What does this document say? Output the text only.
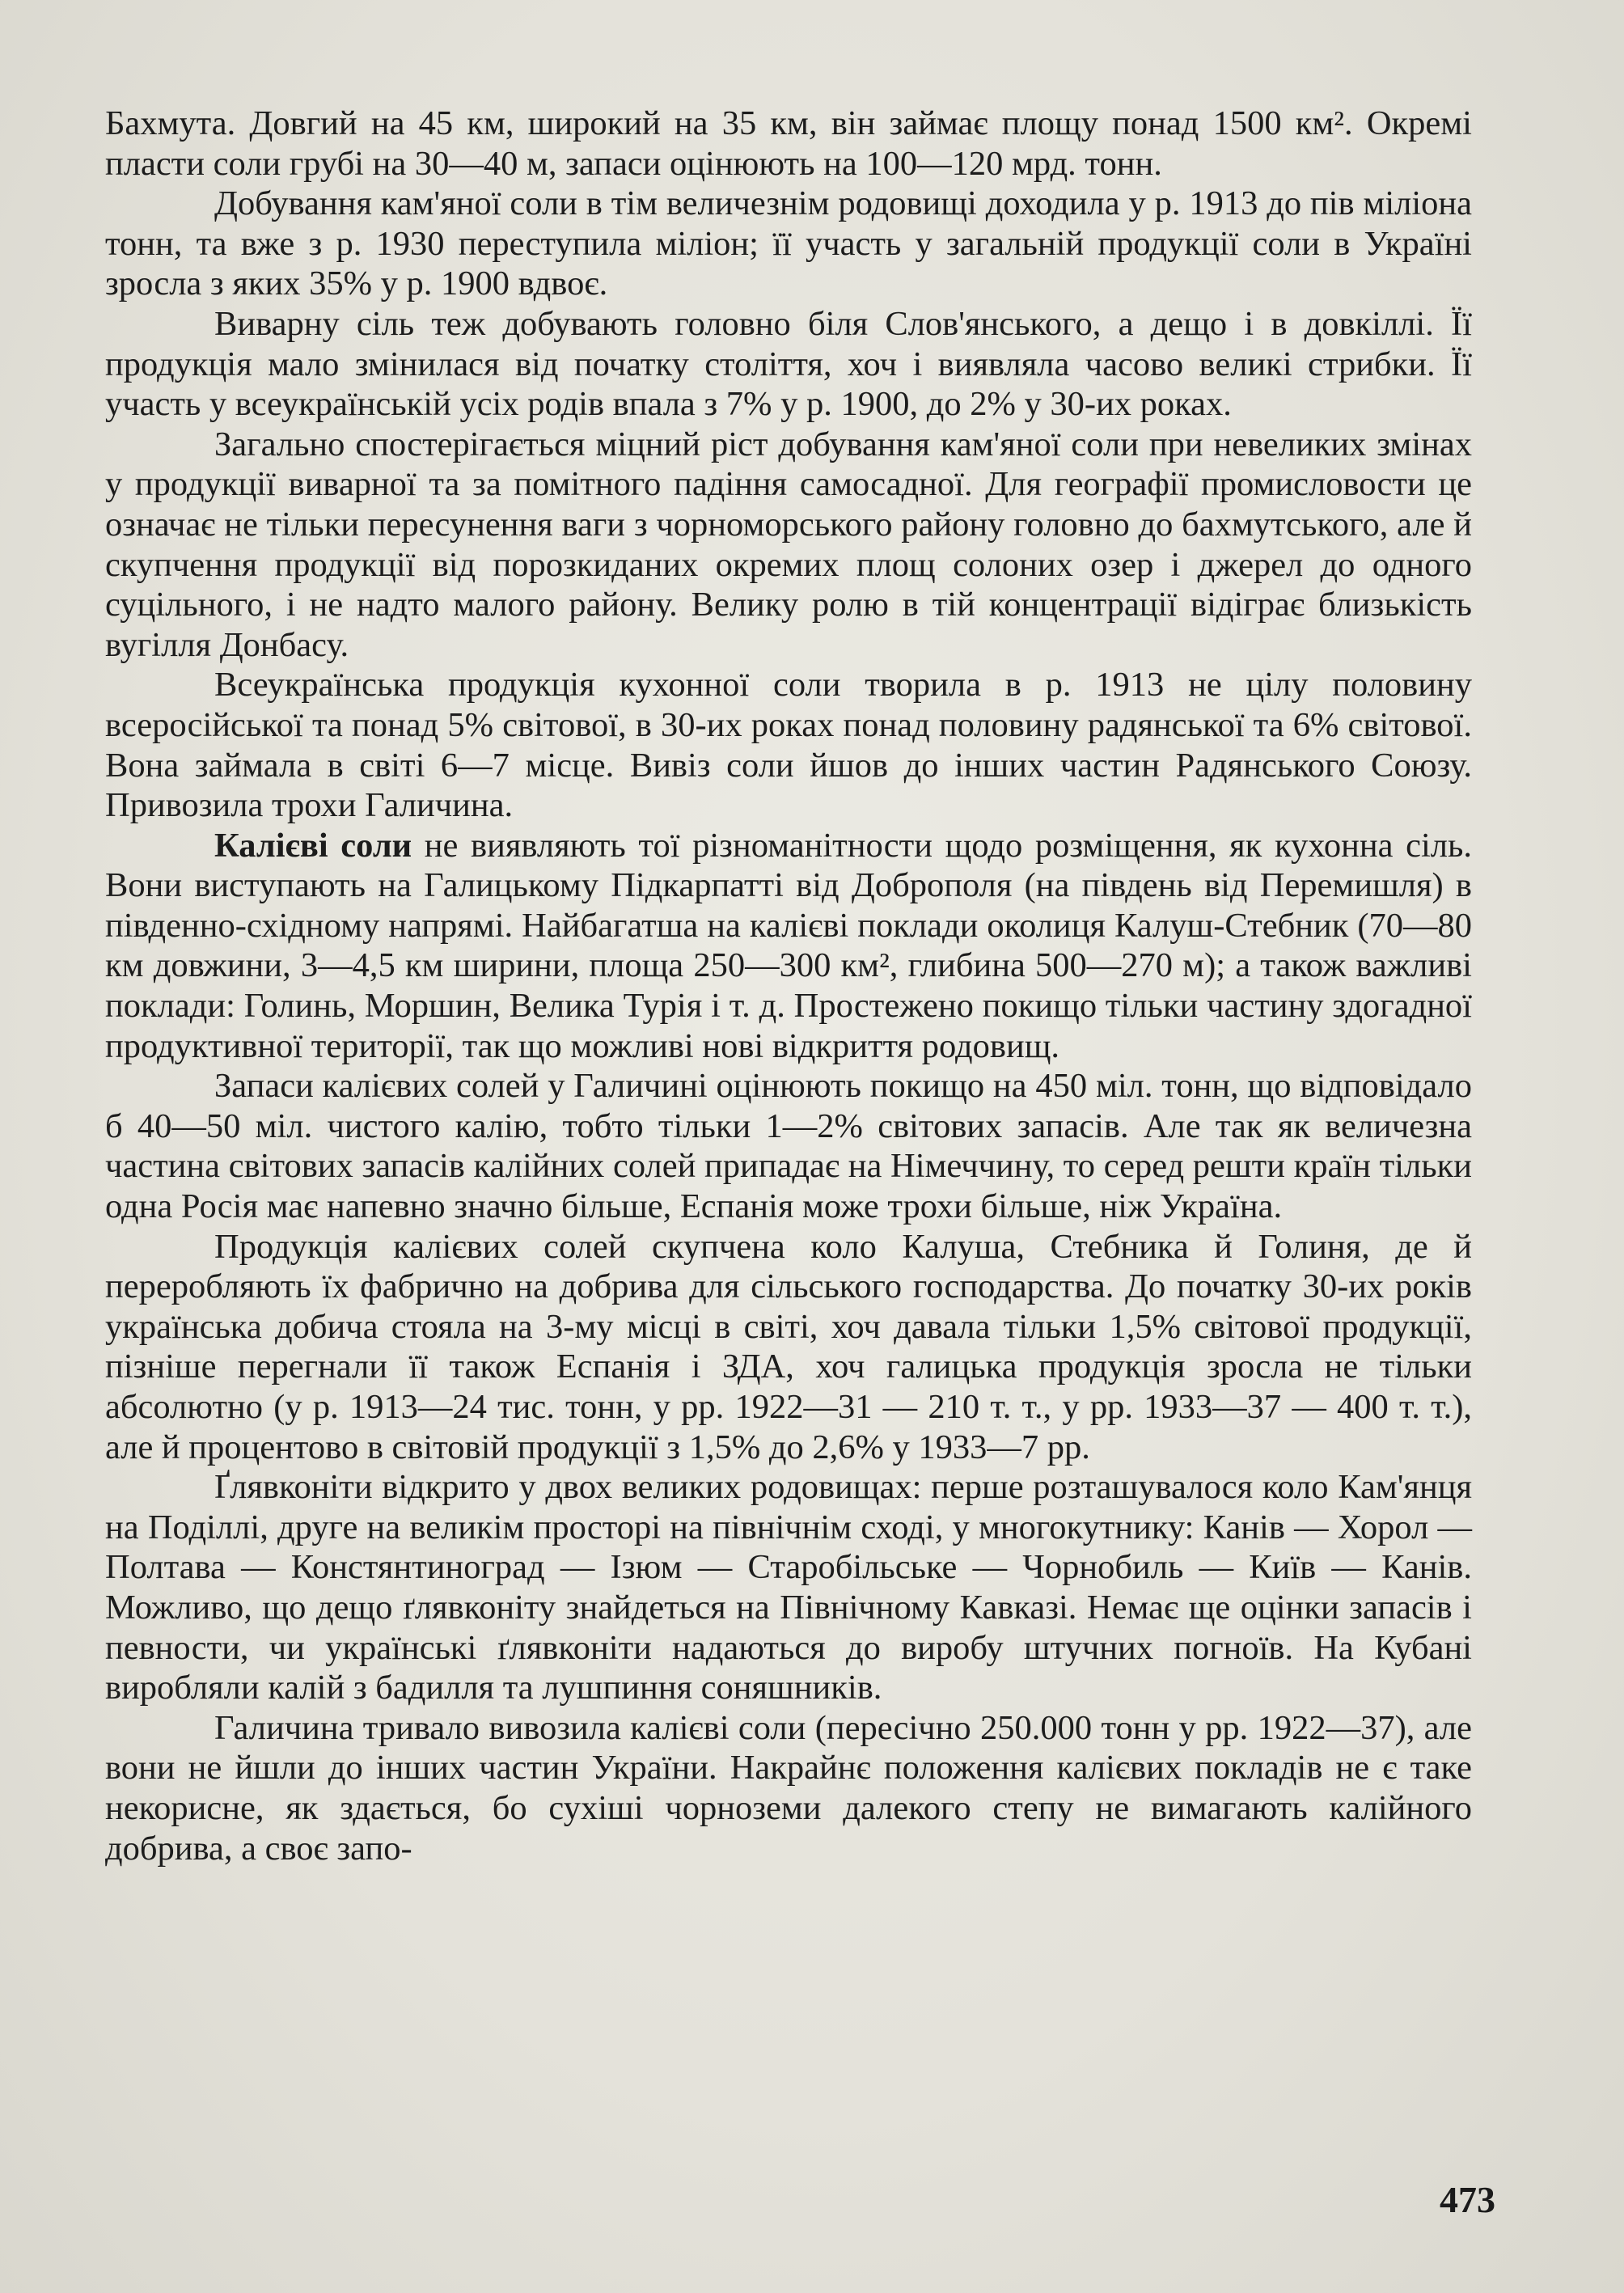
Бахмута. Довгий на 45 км, широкий на 35 км, він займає площу понад 1500 км². Окремі пласти соли грубі на 30—40 м, запаси оцінюють на 100—120 мрд. тонн.

Добування кам'яної соли в тім величезнім родовищі доходила у р. 1913 до пів міліона тонн, та вже з р. 1930 переступила міліон; її участь у загальній продукції соли в Україні зросла з яких 35% у р. 1900 вдвоє.

Виварну сіль теж добувають головно біля Слов'янського, а дещо і в довкіллі. Її продукція мало змінилася від початку століття, хоч і виявляла часово великі стрибки. Її участь у всеукраїнській усіх родів впала з 7% у р. 1900, до 2% у 30-их роках.

Загально спостерігається міцний ріст добування кам'яної соли при невеликих змінах у продукції виварної та за помітного падіння самосадної. Для географії промисловости це означає не тільки пересунення ваги з чорноморського району головно до бахмутського, але й скупчення продукції від порозкиданих окремих площ солоних озер і джерел до одного суцільного, і не надто малого району. Велику ролю в тій концентрації відіграє близькість вугілля Донбасу.

Всеукраїнська продукція кухонної соли творила в р. 1913 не цілу половину всеросійської та понад 5% світової, в 30-их роках понад половину радянської та 6% світової. Вона займала в світі 6—7 місце. Вивіз соли йшов до інших частин Радянського Союзу. Привозила трохи Галичина.

Калієві соли не виявляють тої різноманітности щодо розміщення, як кухонна сіль. Вони виступають на Галицькому Підкарпатті від Доброполя (на південь від Перемишля) в південно-східному напрямі. Найбагатша на калієві поклади околиця Калуш-Стебник (70—80 км довжини, 3—4,5 км ширини, площа 250—300 км², глибина 500—270 м); а також важливі поклади: Голинь, Моршин, Велика Турія і т. д. Простежено покищо тільки частину здогадної продуктивної території, так що можливі нові відкриття родовищ.

Запаси калієвих солей у Галичині оцінюють покищо на 450 міл. тонн, що відповідало б 40—50 міл. чистого калію, тобто тільки 1—2% світових запасів. Але так як величезна частина світових запасів калійних солей припадає на Німеччину, то серед решти країн тільки одна Росія має напевно значно більше, Еспанія може трохи більше, ніж Україна.

Продукція калієвих солей скупчена коло Калуша, Стебника й Голиня, де й переробляють їх фабрично на добрива для сільського господарства. До початку 30-их років українська добича стояла на 3-му місці в світі, хоч давала тільки 1,5% світової продукції, пізніше перегнали її також Еспанія і ЗДА, хоч галицька продукція зросла не тільки абсолютно (у р. 1913—24 тис. тонн, у рр. 1922—31 — 210 т. т., у рр. 1933—37 — 400 т. т.), але й процентово в світовій продукції з 1,5% до 2,6% у 1933—7 рр.

Ґлявконіти відкрито у двох великих родовищах: перше розташувалося коло Кам'янця на Поділлі, друге на великім просторі на північнім сході, у многокутнику: Канів — Хорол — Полтава — Констянтиноград — Ізюм — Старобільське — Чорнобиль — Київ — Канів. Можливо, що дещо ґлявконіту знайдеться на Північному Кавказі. Немає ще оцінки запасів і певности, чи українські ґлявконіти надаються до виробу штучних погноїв. На Кубані виробляли калій з бадилля та лушпиння соняшників.

Галичина тривало вивозила калієві соли (пересічно 250.000 тонн у рр. 1922—37), але вони не йшли до інших частин України. Накрайнє положення калієвих покладів не є таке некорисне, як здається, бо сухіші чорноземи далекого степу не вимагають калійного добрива, а своє запо-

473
